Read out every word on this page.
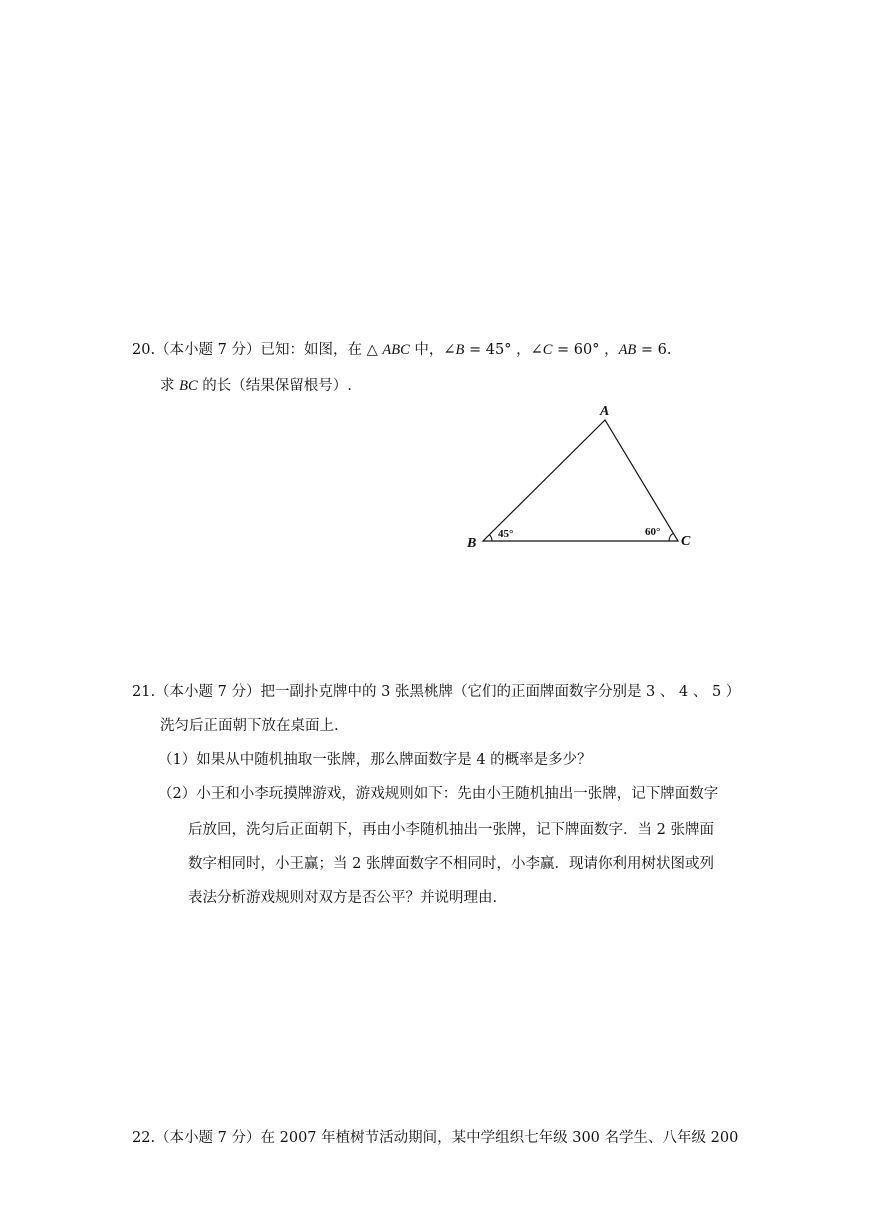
20.（本小题 7 分）已知：如图，在 △ ABC 中，∠B = 45° ，∠C = 60° ，AB = 6.
求 BC 的长（结果保留根号）.
A
B	C
45°	60°
21.（本小题 7 分）把一副扑克牌中的 3 张黑桃牌（它们的正面牌面数字分别是 3 、 4 、 5 ）
洗匀后正面朝下放在桌面上.
（1）如果从中随机抽取一张牌，那么牌面数字是 4 的概率是多少？
（2）小王和小李玩摸牌游戏，游戏规则如下：先由小王随机抽出一张牌，记下牌面数字
后放回，洗匀后正面朝下，再由小李随机抽出一张牌，记下牌面数字．当 2 张牌面
数字相同时，小王赢；当 2 张牌面数字不相同时，小李赢．现请你利用树状图或列
表法分析游戏规则对双方是否公平？并说明理由.
22.（本小题 7 分）在 2007 年植树节活动期间，某中学组织七年级 300 名学生、八年级 200
